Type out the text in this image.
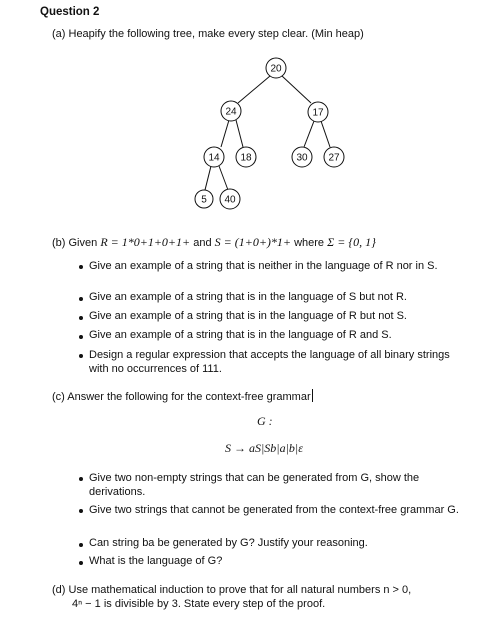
Question 2
(a) Heapify the following tree, make every step clear. (Min heap)
20
24	17
14 18	30 27
5 40
(b) Given R = 1*0+1+0+1+ and S = (1+0+)*1+ where Σ = {0, 1}
Give an example of a string that is neither in the language of R nor in S.
Give an example of a string that is in the language of S but not R.
Give an example of a string that is in the language of R but not S.
Give an example of a string that is in the language of R and S.
Design a regular expression that accepts the language of all binary strings with no occurrences of 111.
(c) Answer the following for the context-free grammar
G :
S → aS|Sb|a|b|ε
Give two non-empty strings that can be generated from G, show the derivations.
Give two strings that cannot be generated from the context-free grammar G.
Can string ba be generated by G? Justify your reasoning.
What is the language of G?
(d) Use mathematical induction to prove that for all natural numbers n > 0,
4ⁿ − 1 is divisible by 3. State every step of the proof.
